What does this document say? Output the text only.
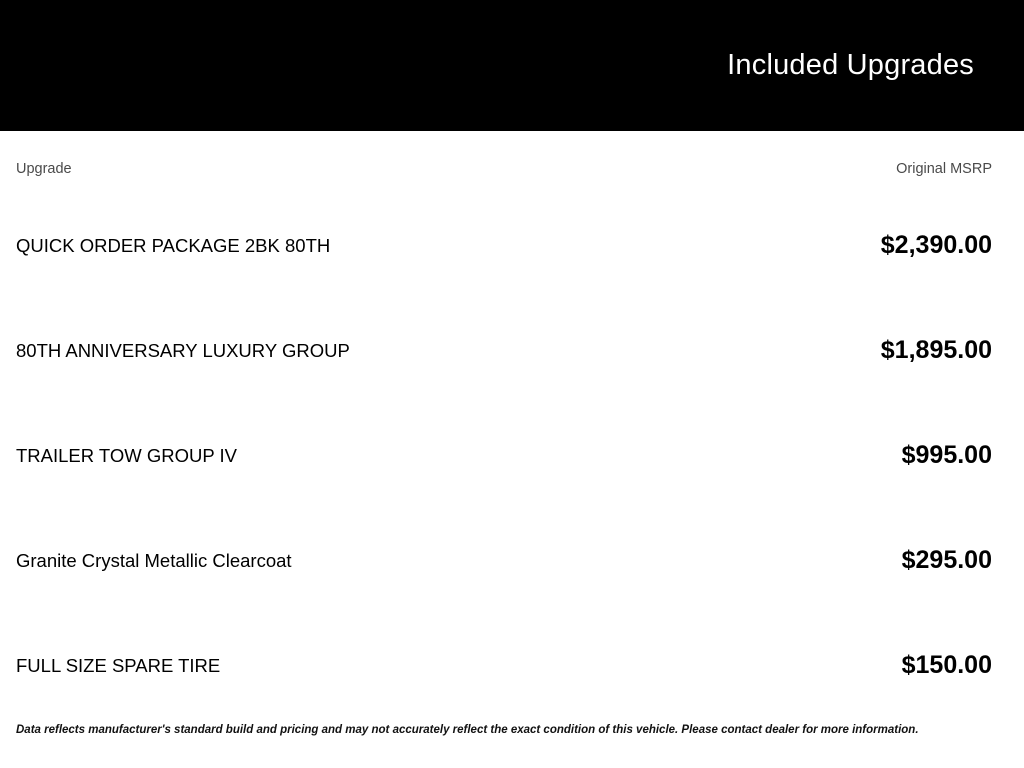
Included Upgrades
Upgrade	Original MSRP
QUICK ORDER PACKAGE 2BK 80TH	$2,390.00
80TH ANNIVERSARY LUXURY GROUP	$1,895.00
TRAILER TOW GROUP IV	$995.00
Granite Crystal Metallic Clearcoat	$295.00
FULL SIZE SPARE TIRE	$150.00
Data reflects manufacturer's standard build and pricing and may not accurately reflect the exact condition of this vehicle. Please contact dealer for more information.
